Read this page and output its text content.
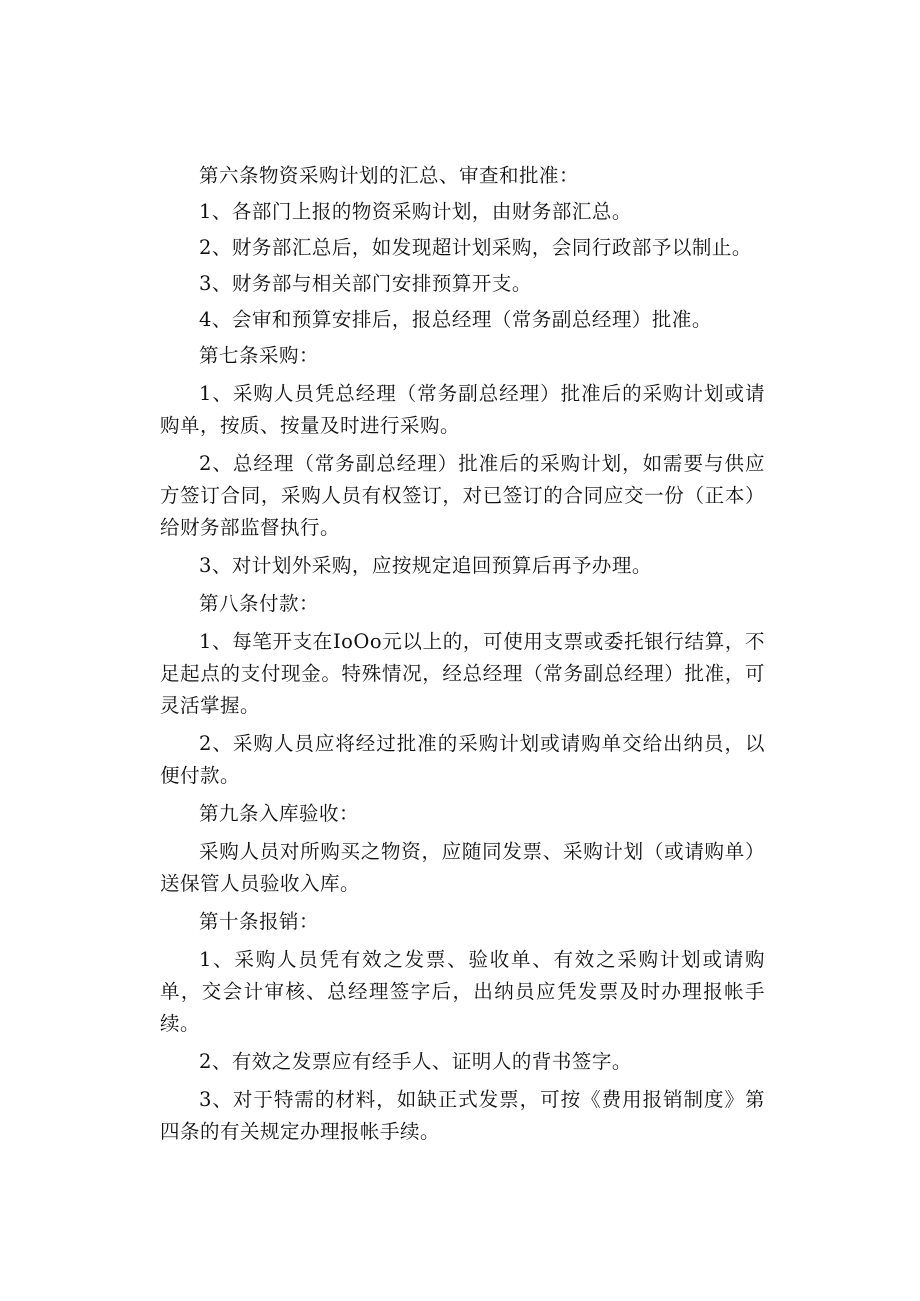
第六条物资采购计划的汇总、审查和批准：

1、各部门上报的物资采购计划，由财务部汇总。

2、财务部汇总后，如发现超计划采购，会同行政部予以制止。

3、财务部与相关部门安排预算开支。

4、会审和预算安排后，报总经理（常务副总经理）批准。

第七条采购：

1、采购人员凭总经理（常务副总经理）批准后的采购计划或请购单，按质、按量及时进行采购。

2、总经理（常务副总经理）批准后的采购计划，如需要与供应方签订合同，采购人员有权签订，对已签订的合同应交一份（正本）给财务部监督执行。

3、对计划外采购，应按规定追回预算后再予办理。

第八条付款：

1、每笔开支在IoOo元以上的，可使用支票或委托银行结算，不足起点的支付现金。特殊情况，经总经理（常务副总经理）批准，可灵活掌握。

2、采购人员应将经过批准的采购计划或请购单交给出纳员，以便付款。

第九条入库验收：

采购人员对所购买之物资，应随同发票、采购计划（或请购单）送保管人员验收入库。

第十条报销：

1、采购人员凭有效之发票、验收单、有效之采购计划或请购单，交会计审核、总经理签字后，出纳员应凭发票及时办理报帐手续。

2、有效之发票应有经手人、证明人的背书签字。

3、对于特需的材料，如缺正式发票，可按《费用报销制度》第四条的有关规定办理报帐手续。
